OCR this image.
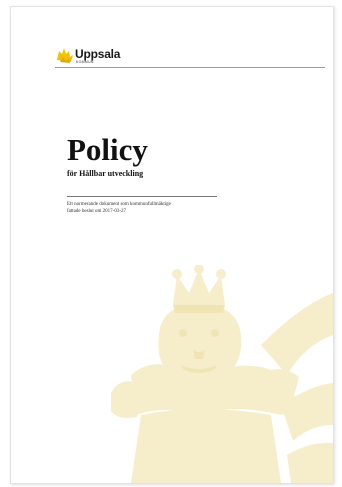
Uppsala
KOMMUN
Policy
för Hållbar utveckling
Ett normerande dokument som kommunfullmäktige
fattade beslut om 2017-03-27
